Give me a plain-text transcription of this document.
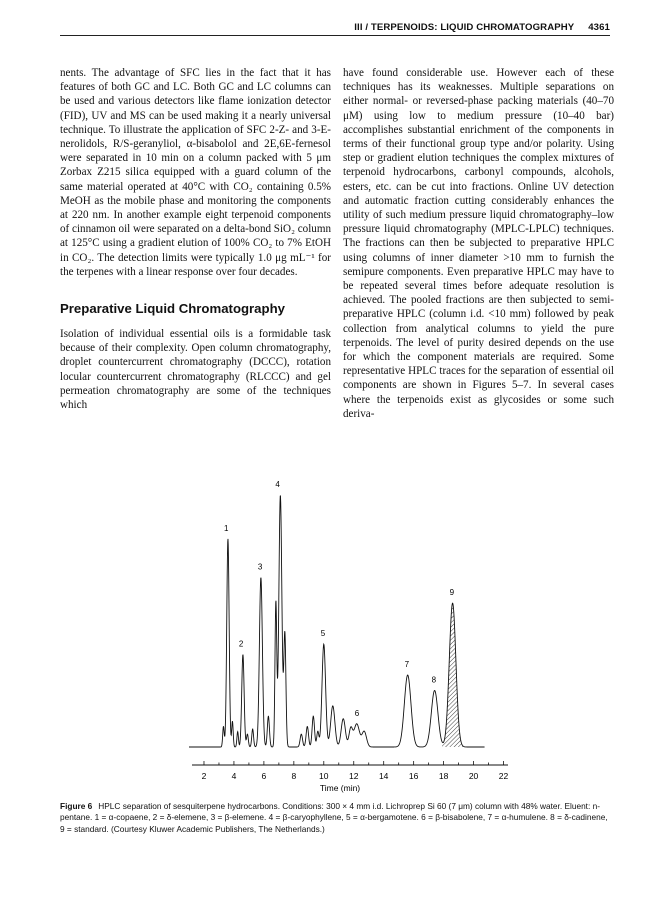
III / TERPENOIDS: LIQUID CHROMATOGRAPHY 4361

nents. The advantage of SFC lies in the fact that it has features of both GC and LC. Both GC and LC columns can be used and various detectors like flame ionization detector (FID), UV and MS can be used making it a nearly universal technique. To illustrate the application of SFC 2-Z- and 3-E-nerolidols, R/S-geranyliol, α-bisabolol and 2E,6E-fernesol were separated in 10 min on a column packed with 5 μm Zorbax Z215 silica equipped with a guard column of the same material operated at 40°C with CO₂ containing 0.5% MeOH as the mobile phase and monitoring the components at 220 nm. In another example eight terpenoid components of cinnamon oil were separated on a delta-bond SiO₂ column at 125°C using a gradient elution of 100% CO₂ to 7% EtOH in CO₂. The detection limits were typically 1.0 μg mL⁻¹ for the terpenes with a linear response over four decades.

Preparative Liquid Chromatography

Isolation of individual essential oils is a formidable task because of their complexity. Open column chromatography, droplet countercurrent chromatography (DCCC), rotation locular countercurrent chromatography (RLCCC) and gel permeation chromatography are some of the techniques which

have found considerable use. However each of these techniques has its weaknesses. Multiple separations on either normal- or reversed-phase packing materials (40–70 μM) using low to medium pressure (10–40 bar) accomplishes substantial enrichment of the components in terms of their functional group type and/or polarity. Using step or gradient elution techniques the complex mixtures of terpenoid hydrocarbons, carbonyl compounds, alcohols, esters, etc. can be cut into fractions. Online UV detection and automatic fraction cutting considerably enhances the utility of such medium pressure liquid chromatography–low pressure liquid chromatography (MPLC-LPLC) techniques. The fractions can then be subjected to preparative HPLC using columns of inner diameter >10 mm to furnish the semipure components. Even preparative HPLC may have to be repeated several times before adequate resolution is achieved. The pooled fractions are then subjected to semi-preparative HPLC (column i.d. <10 mm) followed by peak collection from analytical columns to yield the pure terpenoids. The level of purity desired depends on the use for which the component materials are required. Some representative HPLC traces for the separation of essential oil components are shown in Figures 5–7. In several cases where the terpenoids exist as glycosides or some such deriva-

2	4	6	8	10 12 14 16 18 20 22
1
2
3
4
5
6
7
8
9
Time (min)
Figure 6 HPLC separation of sesquiterpene hydrocarbons. Conditions: 300 × 4 mm i.d. Lichroprep Si 60 (7 μm) column with 48% water. Eluent: n-pentane. 1 = α-copaene, 2 = δ-elemene, 3 = β-elemene. 4 = β-caryophyllene, 5 = α-bergamotene. 6 = β-bisabolene, 7 = α-humulene. 8 = δ-cadinene, 9 = standard. (Courtesy Kluwer Academic Publishers, The Netherlands.)
